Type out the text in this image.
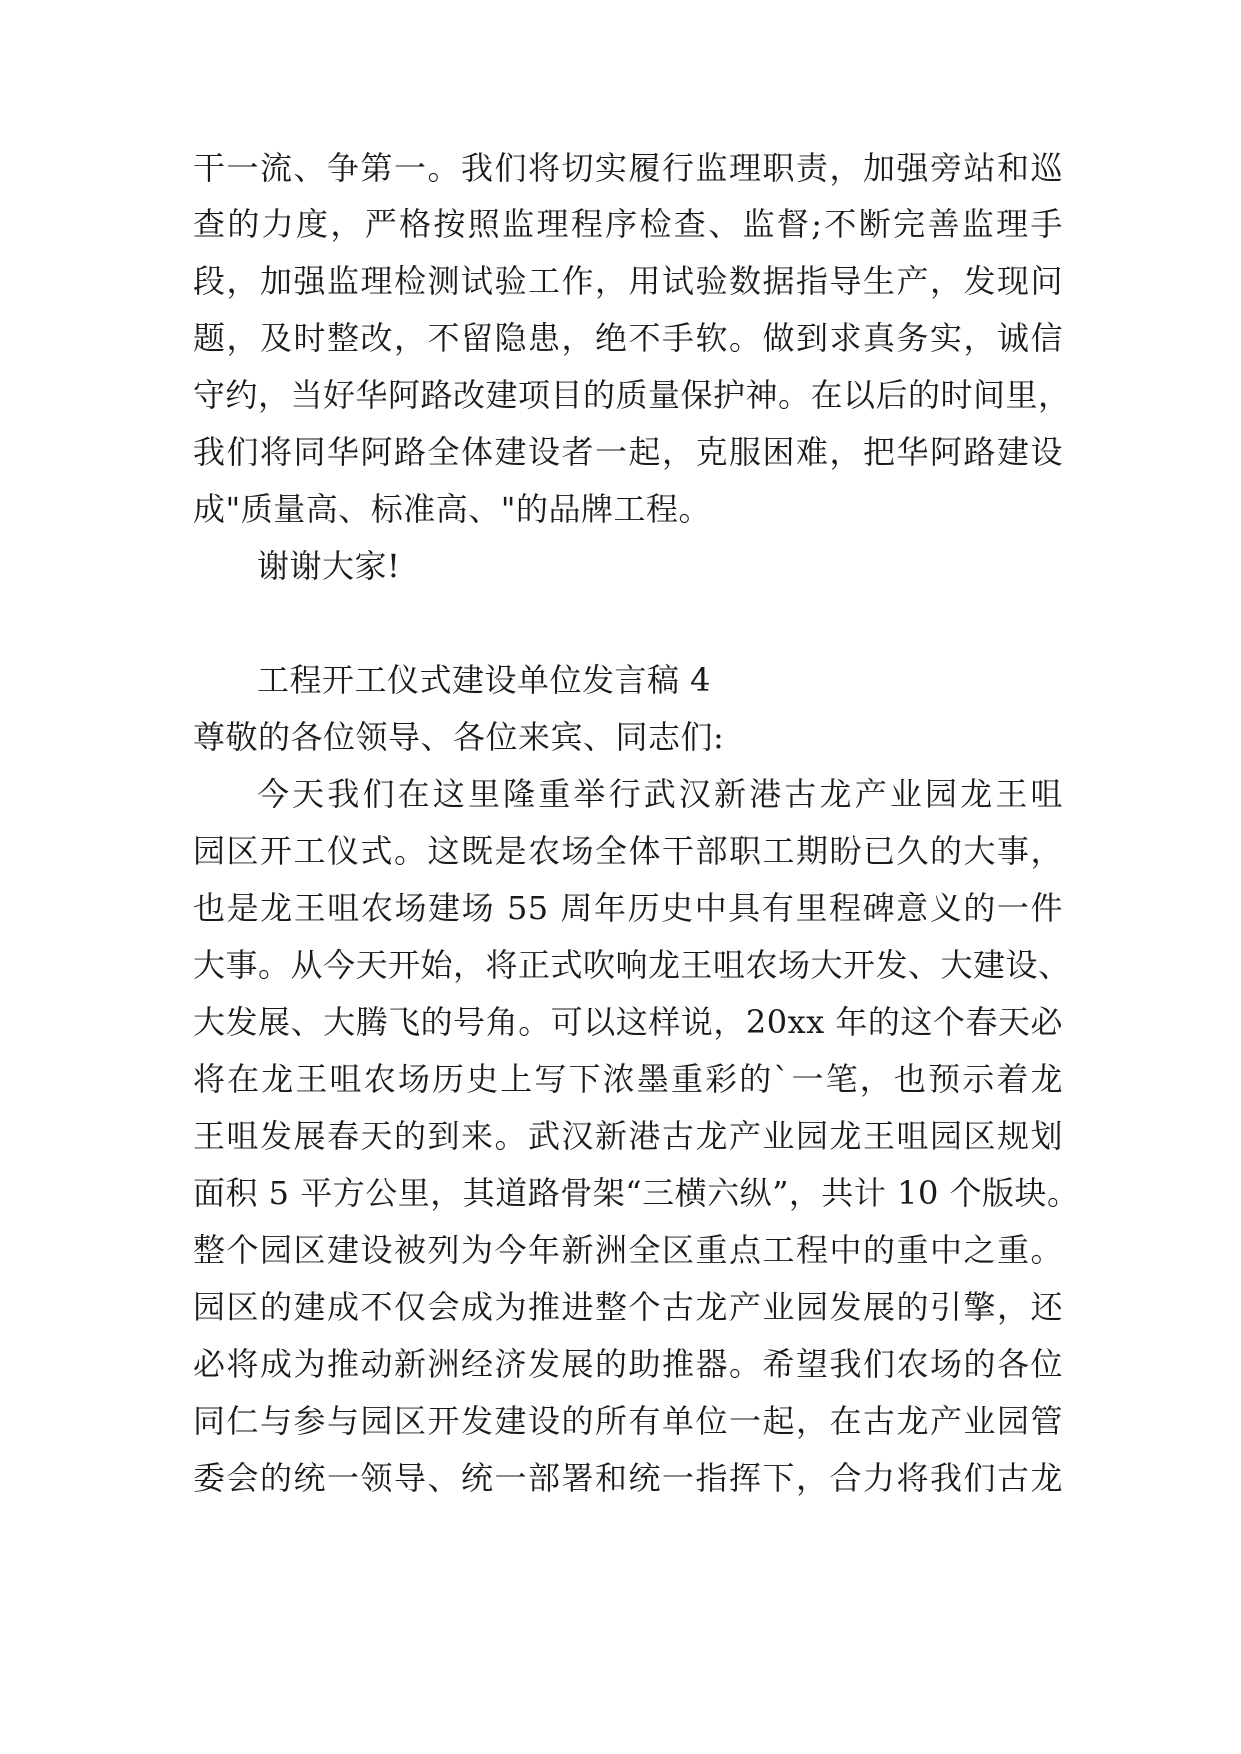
干一流、争第一。我们将切实履行监理职责，加强旁站和巡
查的力度，严格按照监理程序检查、监督;不断完善监理手
段，加强监理检测试验工作，用试验数据指导生产，发现问
题，及时整改，不留隐患，绝不手软。做到求真务实，诚信
守约，当好华阿路改建项目的质量保护神。在以后的时间里，
我们将同华阿路全体建设者一起，克服困难，把华阿路建设
成"质量高、标准高、"的品牌工程。
谢谢大家!
工程开工仪式建设单位发言稿 4
尊敬的各位领导、各位来宾、同志们:
今天我们在这里隆重举行武汉新港古龙产业园龙王咀
园区开工仪式。这既是农场全体干部职工期盼已久的大事，
也是龙王咀农场建场 55 周年历史中具有里程碑意义的一件
大事。从今天开始，将正式吹响龙王咀农场大开发、大建设、
大发展、大腾飞的号角。可以这样说，20xx 年的这个春天必
将在龙王咀农场历史上写下浓墨重彩的`一笔，也预示着龙
王咀发展春天的到来。武汉新港古龙产业园龙王咀园区规划
面积 5 平方公里，其道路骨架“三横六纵”，共计 10 个版块。
整个园区建设被列为今年新洲全区重点工程中的重中之重。
园区的建成不仅会成为推进整个古龙产业园发展的引擎，还
必将成为推动新洲经济发展的助推器。希望我们农场的各位
同仁与参与园区开发建设的所有单位一起，在古龙产业园管
委会的统一领导、统一部署和统一指挥下，合力将我们古龙
